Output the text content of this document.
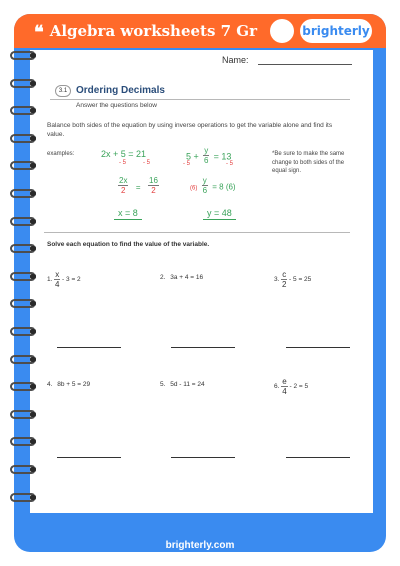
❝ Algebra worksheets 7 Gr	brighterly
brighterly.com
Name:
3.1 Ordering Decimals
Answer the questions below
Balance both sides of the equation by using inverse operations to get the variable alone and find its value.
examples:	*Be sure to make the same change to both sides of the equal sign.
2x + 5 = 21
- 5	- 5
$\frac{2x}{2} = \frac{16}{2}$
x = 8
$5 + \frac{y}{6} = 13$
- 5	- 5
$(6) \frac{y}{6} = 8$ (6)
y = 48
Solve each equation to find the value of the variable.
1. $\frac{x}{4} - 3 = 2$	2. 3a + 4 = 16	3. $\frac{c}{2} - 5 = 25$
4. 8b + 5 = 29	5. 5d - 11 = 24	6. $\frac{e}{4} - 2 = 5$
